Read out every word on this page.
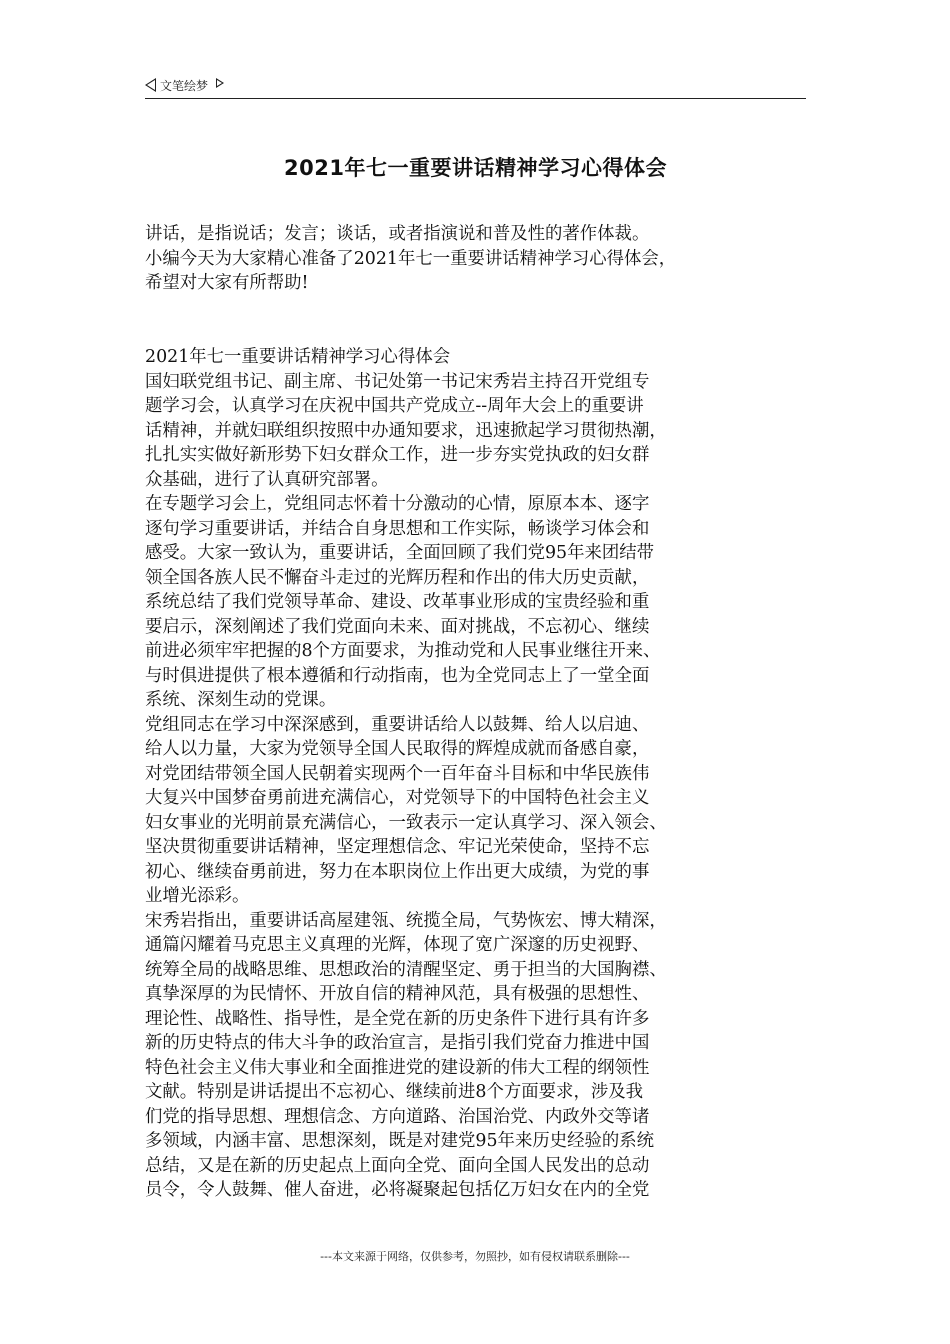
文笔绘梦
2021年七一重要讲话精神学习心得体会
讲话，是指说话；发言；谈话，或者指演说和普及性的著作体裁。
小编今天为大家精心准备了2021年七一重要讲话精神学习心得体会，
希望对大家有所帮助!
2021年七一重要讲话精神学习心得体会
国妇联党组书记、副主席、书记处第一书记宋秀岩主持召开党组专
题学习会，认真学习在庆祝中国共产党成立--周年大会上的重要讲
话精神，并就妇联组织按照中办通知要求，迅速掀起学习贯彻热潮，
扎扎实实做好新形势下妇女群众工作，进一步夯实党执政的妇女群
众基础，进行了认真研究部署。
在专题学习会上，党组同志怀着十分激动的心情，原原本本、逐字
逐句学习重要讲话，并结合自身思想和工作实际，畅谈学习体会和
感受。大家一致认为，重要讲话，全面回顾了我们党95年来团结带
领全国各族人民不懈奋斗走过的光辉历程和作出的伟大历史贡献，
系统总结了我们党领导革命、建设、改革事业形成的宝贵经验和重
要启示，深刻阐述了我们党面向未来、面对挑战，不忘初心、继续
前进必须牢牢把握的8个方面要求，为推动党和人民事业继往开来、
与时俱进提供了根本遵循和行动指南，也为全党同志上了一堂全面
系统、深刻生动的党课。
党组同志在学习中深深感到，重要讲话给人以鼓舞、给人以启迪、
给人以力量，大家为党领导全国人民取得的辉煌成就而备感自豪，
对党团结带领全国人民朝着实现两个一百年奋斗目标和中华民族伟
大复兴中国梦奋勇前进充满信心，对党领导下的中国特色社会主义
妇女事业的光明前景充满信心，一致表示一定认真学习、深入领会、
坚决贯彻重要讲话精神，坚定理想信念、牢记光荣使命，坚持不忘
初心、继续奋勇前进，努力在本职岗位上作出更大成绩，为党的事
业增光添彩。
宋秀岩指出，重要讲话高屋建瓴、统揽全局，气势恢宏、博大精深，
通篇闪耀着马克思主义真理的光辉，体现了宽广深邃的历史视野、
统筹全局的战略思维、思想政治的清醒坚定、勇于担当的大国胸襟、
真挚深厚的为民情怀、开放自信的精神风范，具有极强的思想性、
理论性、战略性、指导性，是全党在新的历史条件下进行具有许多
新的历史特点的伟大斗争的政治宣言，是指引我们党奋力推进中国
特色社会主义伟大事业和全面推进党的建设新的伟大工程的纲领性
文献。特别是讲话提出不忘初心、继续前进8个方面要求，涉及我
们党的指导思想、理想信念、方向道路、治国治党、内政外交等诸
多领域，内涵丰富、思想深刻，既是对建党95年来历史经验的系统
总结，又是在新的历史起点上面向全党、面向全国人民发出的总动
员令，令人鼓舞、催人奋进，必将凝聚起包括亿万妇女在内的全党
---本文来源于网络，仅供参考，勿照抄，如有侵权请联系删除---
